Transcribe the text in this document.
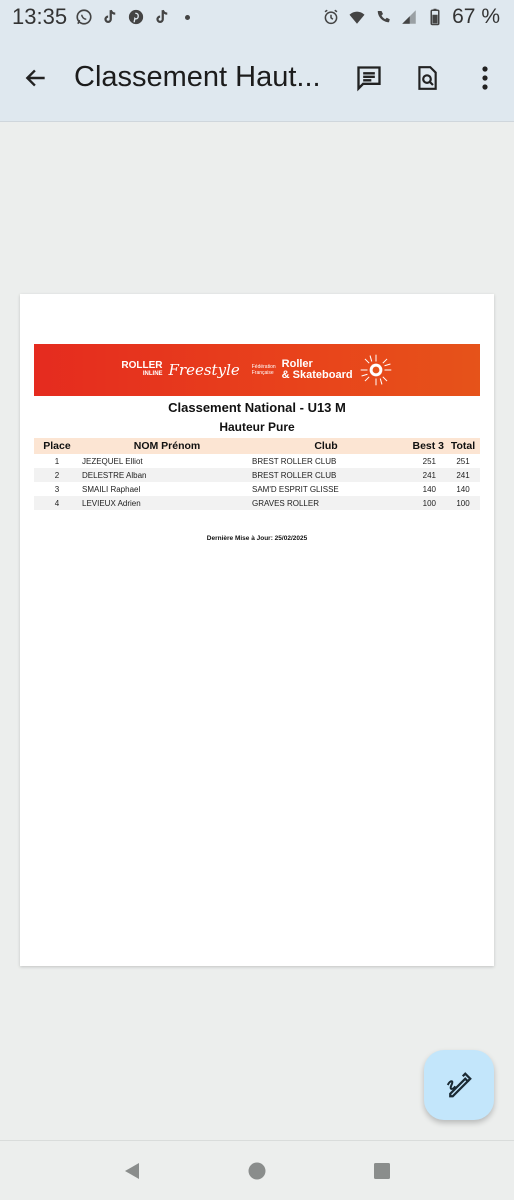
13:35	67 %
Classement Haut...
ROLLER
INLINE Freestyle Fédération
Française
Roller
& Skateboard
Classement National - U13 M
Hauteur Pure
Place	NOM Prénom	Club	Best 3	Total
1	JEZEQUEL Elliot	BREST ROLLER CLUB	251	251
2	DELESTRE Alban	BREST ROLLER CLUB	241	241
3	SMAILI Raphael	SAM'D ESPRIT GLISSE	140	140
4	LEVIEUX Adrien	GRAVES ROLLER	100	100
Dernière Mise à Jour: 25/02/2025
